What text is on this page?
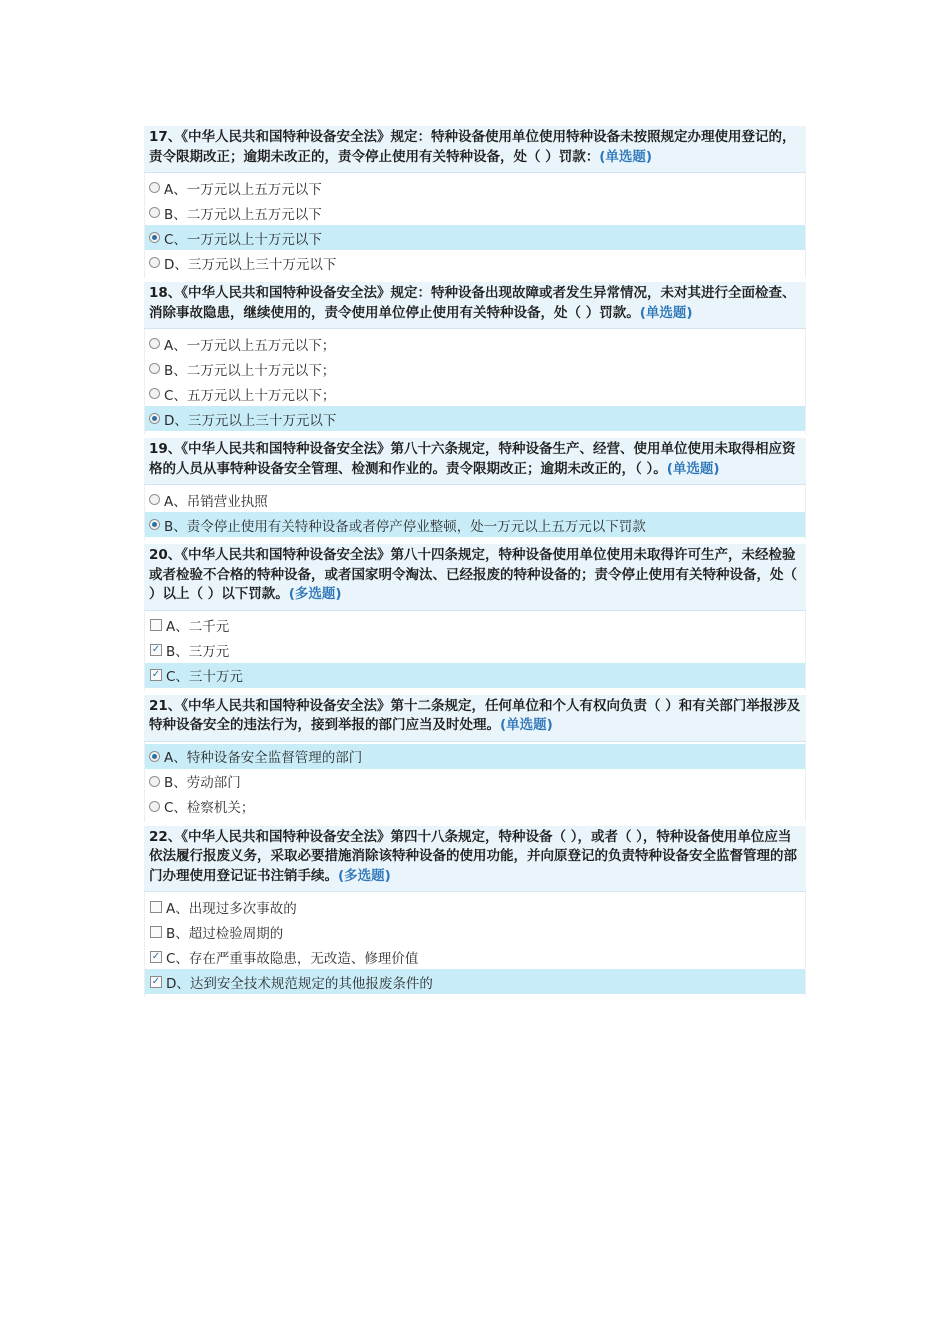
17、《中华人民共和国特种设备安全法》规定：特种设备使用单位使用特种设备未按照规定办理使用登记的，责令限期改正；逾期未改正的，责令停止使用有关特种设备，处（ ）罚款：(单选题)
A、一万元以上五万元以下
B、二万元以上五万元以下
C、一万元以上十万元以下
D、三万元以上三十万元以下
18、《中华人民共和国特种设备安全法》规定：特种设备出现故障或者发生异常情况，未对其进行全面检查、消除事故隐患，继续使用的，责令使用单位停止使用有关特种设备，处（ ）罚款。(单选题)
A、一万元以上五万元以下；
B、二万元以上十万元以下；
C、五万元以上十万元以下；
D、三万元以上三十万元以下
19、《中华人民共和国特种设备安全法》第八十六条规定，特种设备生产、经营、使用单位使用未取得相应资格的人员从事特种设备安全管理、检测和作业的。责令限期改正；逾期未改正的，（ ）。(单选题)
A、吊销营业执照
B、责令停止使用有关特种设备或者停产停业整顿，处一万元以上五万元以下罚款
20、《中华人民共和国特种设备安全法》第八十四条规定，特种设备使用单位使用未取得许可生产，未经检验或者检验不合格的特种设备，或者国家明令淘汰、已经报废的特种设备的；责令停止使用有关特种设备，处（ ）以上（ ）以下罚款。(多选题)
A、二千元
✓ B、三万元
✓ C、三十万元
21、《中华人民共和国特种设备安全法》第十二条规定，任何单位和个人有权向负责（ ）和有关部门举报涉及特种设备安全的违法行为，接到举报的部门应当及时处理。(单选题)
A、特种设备安全监督管理的部门
B、劳动部门
C、检察机关；
22、《中华人民共和国特种设备安全法》第四十八条规定，特种设备（ ），或者（ ），特种设备使用单位应当依法履行报废义务，采取必要措施消除该特种设备的使用功能，并向原登记的负责特种设备安全监督管理的部门办理使用登记证书注销手续。(多选题)
A、出现过多次事故的
B、超过检验周期的
✓ C、存在严重事故隐患，无改造、修理价值
✓ D、达到安全技术规范规定的其他报废条件的
